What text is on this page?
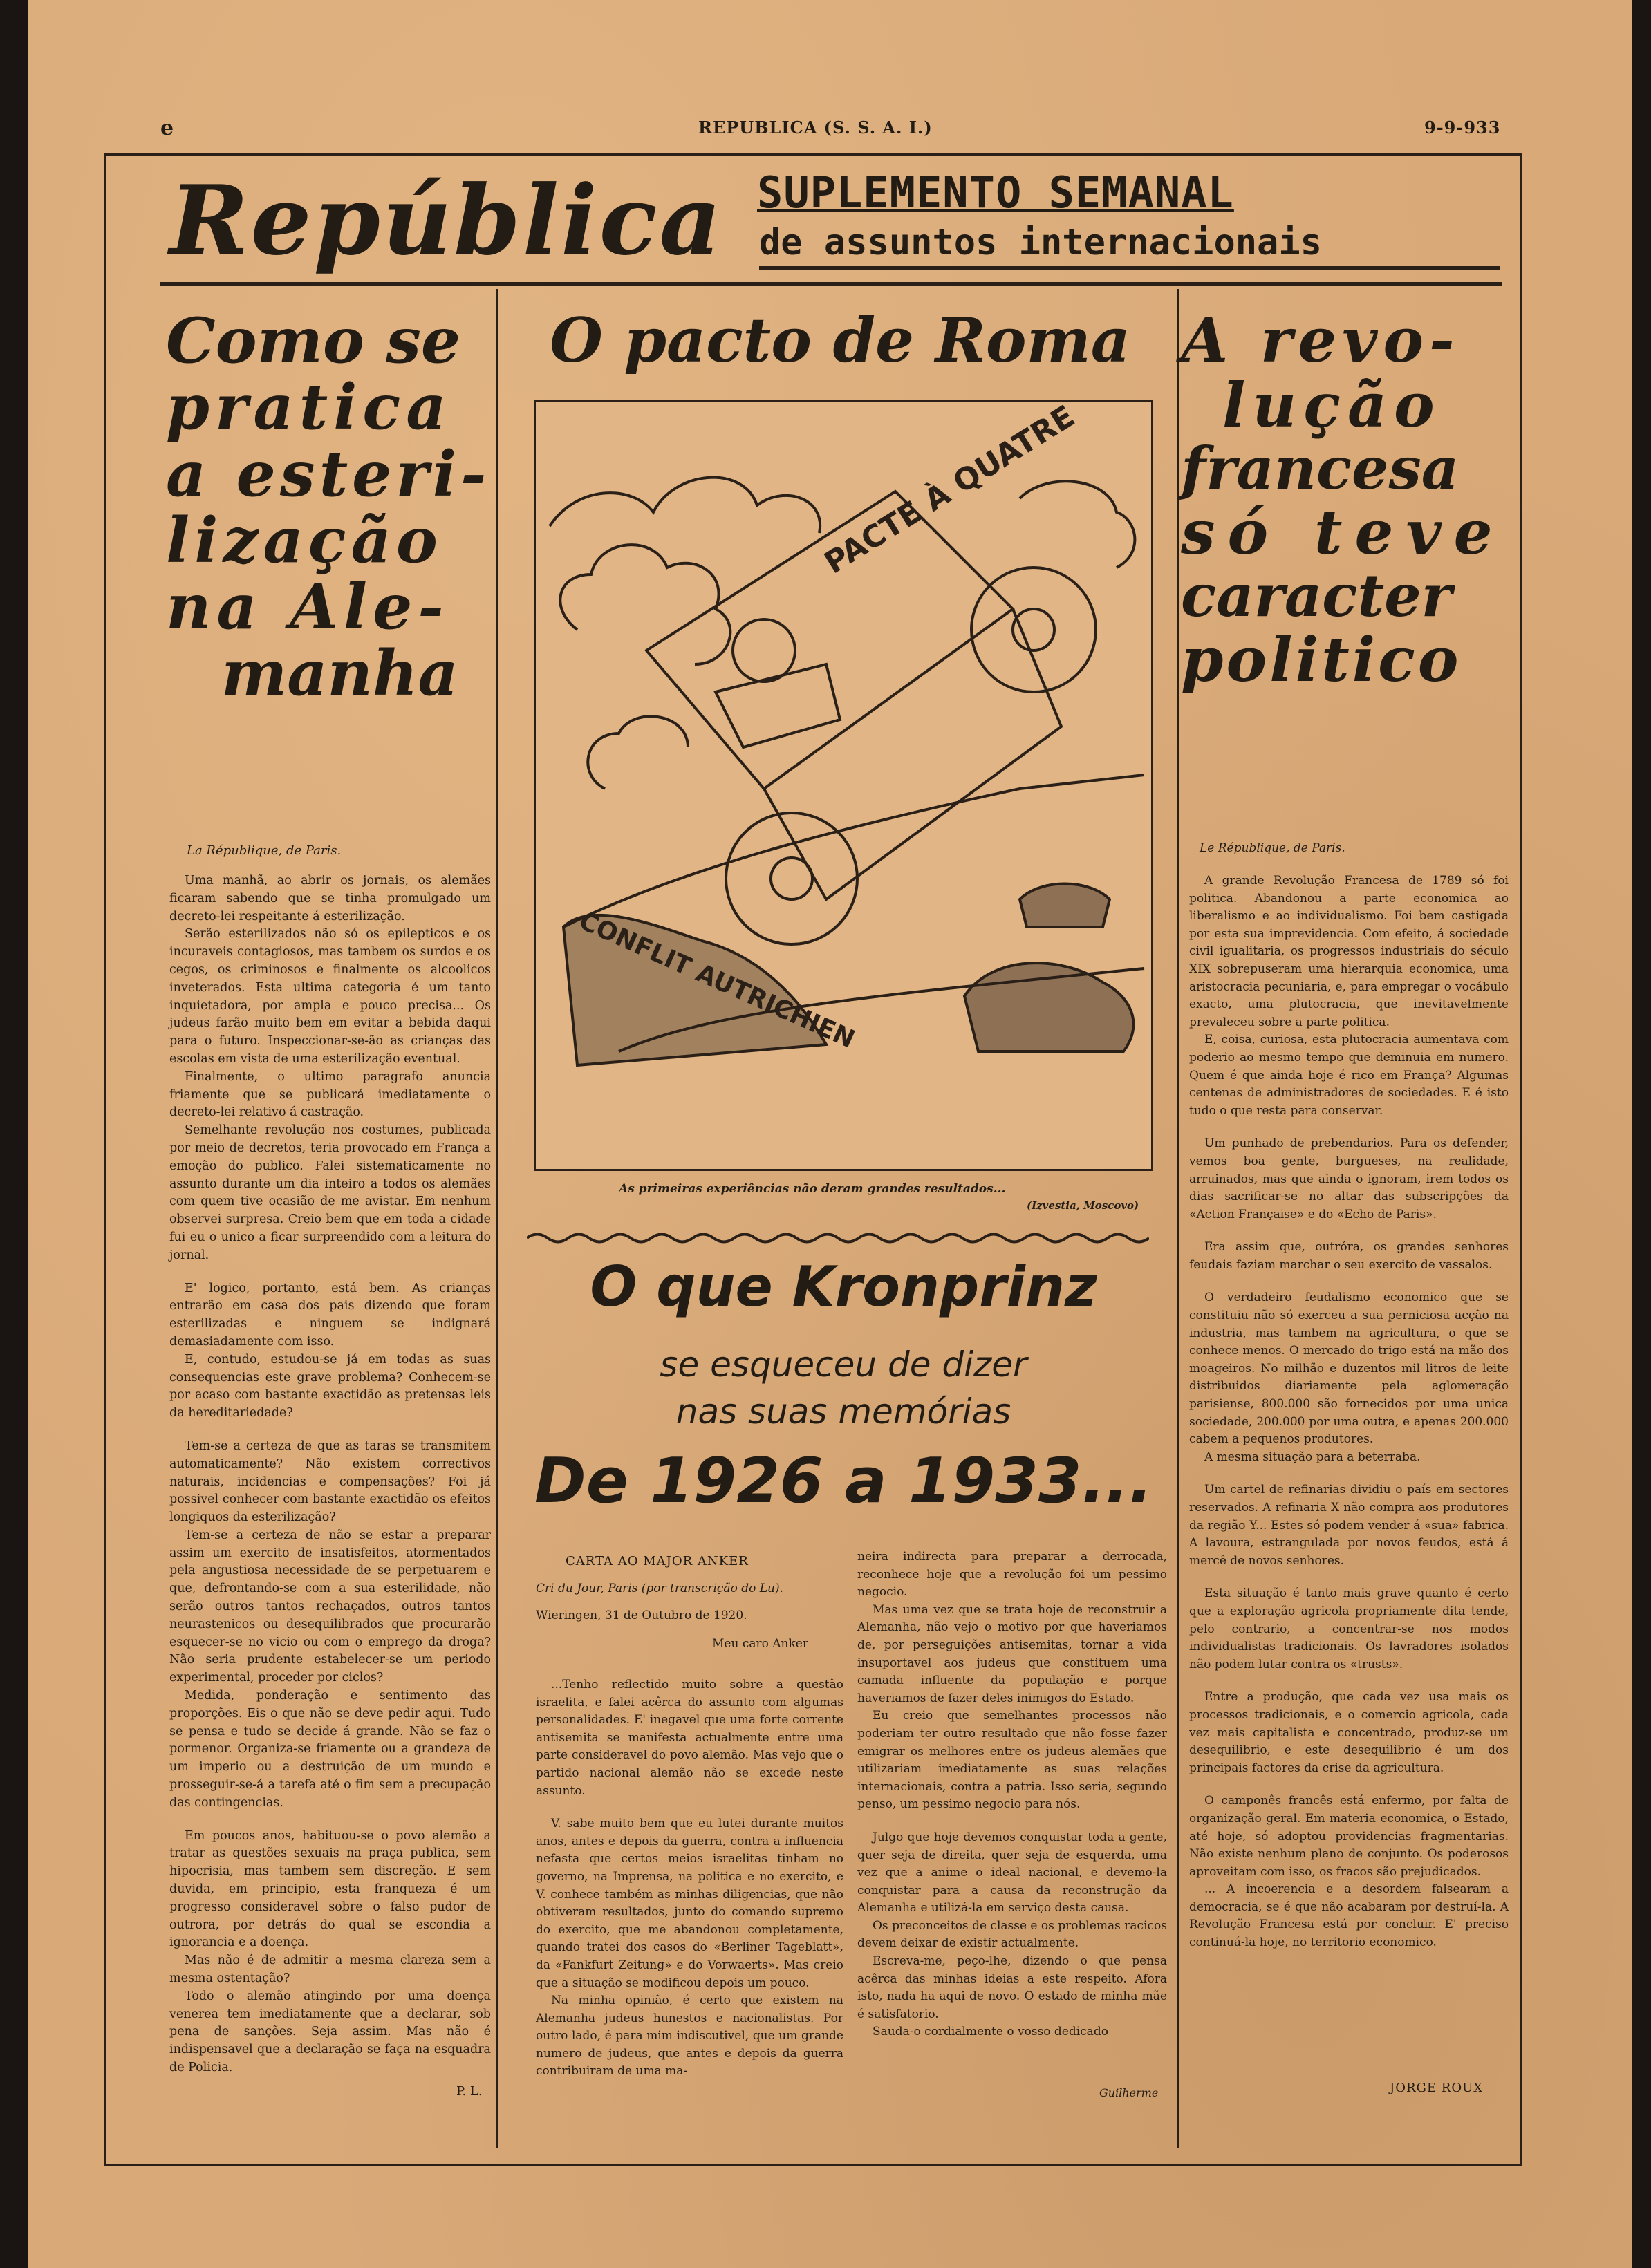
e	REPUBLICA (S. S. A. I.)	9-9-933
República SUPLEMENTO SEMANAL
de assuntos internacionais
Como se
pratica
a esteri-
lização
na Ale-
manha
La République, de Paris.

Uma manhã, ao abrir os jornais, os alemães ficaram sabendo que se tinha promulgado um decreto-lei respeitante á esterilização.

Serão esterilizados não só os epilepticos e os incuraveis contagiosos, mas tambem os surdos e os cegos, os criminosos e finalmente os alcoolicos inveterados. Esta ultima categoria é um tanto inquietadora, por ampla e pouco precisa... Os judeus farão muito bem em evitar a bebida daqui para o futuro. Inspeccionar-se-ão as crianças das escolas em vista de uma esterilização eventual.

Finalmente, o ultimo paragrafo anuncia friamente que se publicará imediatamente o decreto-lei relativo á castração.

Semelhante revolução nos costumes, publicada por meio de decretos, teria provocado em França a emoção do publico. Falei sistematicamente no assunto durante um dia inteiro a todos os alemães com quem tive ocasião de me avistar. Em nenhum observei surpresa. Creio bem que em toda a cidade fui eu o unico a ficar surpreendido com a leitura do jornal.

E' logico, portanto, está bem. As crianças entrarão em casa dos pais dizendo que foram esterilizadas e ninguem se indignará demasiadamente com isso.

E, contudo, estudou-se já em todas as suas consequencias este grave problema? Conhecem-se por acaso com bastante exactidão as pretensas leis da hereditariedade?

Tem-se a certeza de que as taras se transmitem automaticamente? Não existem correctivos naturais, incidencias e compensações? Foi já possivel conhecer com bastante exactidão os efeitos longiquos da esterilização?

Tem-se a certeza de não se estar a preparar assim um exercito de insatisfeitos, atormentados pela angustiosa necessidade de se perpetuarem e que, defrontando-se com a sua esterilidade, não serão outros tantos rechaçados, outros tantos neurastenicos ou desequilibrados que procurarão esquecer-se no vicio ou com o emprego da droga? Não seria prudente estabelecer-se um periodo experimental, proceder por ciclos?

Medida, ponderação e sentimento das proporções. Eis o que não se deve pedir aqui. Tudo se pensa e tudo se decide á grande. Não se faz o pormenor. Organiza-se friamente ou a grandeza de um imperio ou a destruição de um mundo e prosseguir-se-á a tarefa até o fim sem a precupação das contingencias.

Em poucos anos, habituou-se o povo alemão a tratar as questões sexuais na praça publica, sem hipocrisia, mas tambem sem discreção. E sem duvida, em principio, esta franqueza é um progresso consideravel sobre o falso pudor de outrora, por detrás do qual se escondia a ignorancia e a doença.

Mas não é de admitir a mesma clareza sem a mesma ostentação?

Todo o alemão atingindo por uma doença venerea tem imediatamente que a declarar, sob pena de sanções. Seja assim. Mas não é indispensavel que a declaração se faça na esquadra de Policia.

P. L.
O pacto de Roma
PACTE À QUATRE
CONFLIT AUTRICHIEN
As primeiras experiências não deram grandes resultados...
(Izvestia, Moscovo)
O que Kronprinz
se esqueceu de dizer
nas suas memórias
De 1926 a 1933...
CARTA AO MAJOR ANKER
Cri du Jour, Paris (por transcrição do Lu).
Wieringen, 31 de Outubro de 1920.
Meu caro Anker

...Tenho reflectido muito sobre a questão israelita, e falei acêrca do assunto com algumas personalidades. E' inegavel que uma forte corrente antisemita se manifesta actualmente entre uma parte consideravel do povo alemão. Mas vejo que o partido nacional alemão não se excede neste assunto.

V. sabe muito bem que eu lutei durante muitos anos, antes e depois da guerra, contra a influencia nefasta que certos meios israelitas tinham no governo, na Imprensa, na politica e no exercito, e V. conhece também as minhas diligencias, que não obtiveram resultados, junto do comando supremo do exercito, que me abandonou completamente, quando tratei dos casos do «Berliner Tageblatt», da «Fankfurt Zeitung» e do Vorwaerts». Mas creio que a situação se modificou depois um pouco.

Na minha opinião, é certo que existem na Alemanha judeus hunestos e nacionalistas. Por outro lado, é para mim indiscutivel, que um grande numero de judeus, que antes e depois da guerra contribuiram de uma ma-

neira indirecta para preparar a derrocada, reconhece hoje que a revolução foi um pessimo negocio.

Mas uma vez que se trata hoje de reconstruir a Alemanha, não vejo o motivo por que haveriamos de, por perseguições antisemitas, tornar a vida insuportavel aos judeus que constituem uma camada influente da população e porque haveriamos de fazer deles inimigos do Estado.

Eu creio que semelhantes processos não poderiam ter outro resultado que não fosse fazer emigrar os melhores entre os judeus alemães que utilizariam imediatamente as suas relações internacionais, contra a patria. Isso seria, segundo penso, um pessimo negocio para nós.

Julgo que hoje devemos conquistar toda a gente, quer seja de direita, quer seja de esquerda, uma vez que a anime o ideal nacional, e devemo-la conquistar para a causa da reconstrução da Alemanha e utilizá-la em serviço desta causa.

Os preconceitos de classe e os problemas racicos devem deixar de existir actualmente.

Escreva-me, peço-lhe, dizendo o que pensa acêrca das minhas ideias a este respeito. Afora isto, nada ha aqui de novo. O estado de minha mãe é satisfatorio.

Sauda-o cordialmente o vosso dedicado

Guilherme
A revo-
lução
francesa
só teve
caracter
politico
Le République, de Paris.

A grande Revolução Francesa de 1789 só foi politica. Abandonou a parte economica ao liberalismo e ao individualismo. Foi bem castigada por esta sua imprevidencia. Com efeito, á sociedade civil igualitaria, os progressos industriais do século XIX sobrepuseram uma hierarquia economica, uma aristocracia pecuniaria, e, para empregar o vocábulo exacto, uma plutocracia, que inevitavelmente prevaleceu sobre a parte politica.

E, coisa, curiosa, esta plutocracia aumentava com poderio ao mesmo tempo que deminuia em numero. Quem é que ainda hoje é rico em França? Algumas centenas de administradores de sociedades. E é isto tudo o que resta para conservar.

Um punhado de prebendarios. Para os defender, vemos boa gente, burgueses, na realidade, arruinados, mas que ainda o ignoram, irem todos os dias sacrificar-se no altar das subscripções da «Action Française» e do «Echo de Paris».

Era assim que, outróra, os grandes senhores feudais faziam marchar o seu exercito de vassalos.

O verdadeiro feudalismo economico que se constituiu não só exerceu a sua perniciosa acção na industria, mas tambem na agricultura, o que se conhece menos. O mercado do trigo está na mão dos moageiros. No milhão e duzentos mil litros de leite distribuidos diariamente pela aglomeração parisiense, 800.000 são fornecidos por uma unica sociedade, 200.000 por uma outra, e apenas 200.000 cabem a pequenos produtores.

A mesma situação para a beterraba.

Um cartel de refinarias dividiu o país em sectores reservados. A refinaria X não compra aos produtores da região Y... Estes só podem vender á «sua» fabrica. A lavoura, estrangulada por novos feudos, está á mercê de novos senhores.

Esta situação é tanto mais grave quanto é certo que a exploração agricola propriamente dita tende, pelo contrario, a concentrar-se nos modos individualistas tradicionais. Os lavradores isolados não podem lutar contra os «trusts».

Entre a produção, que cada vez usa mais os processos tradicionais, e o comercio agricola, cada vez mais capitalista e concentrado, produz-se um desequilibrio, e este desequilibrio é um dos principais factores da crise da agricultura.

O camponês francês está enfermo, por falta de organização geral. Em materia economica, o Estado, até hoje, só adoptou providencias fragmentarias. Não existe nenhum plano de conjunto. Os poderosos aproveitam com isso, os fracos são prejudicados.

... A incoerencia e a desordem falsearam a democracia, se é que não acabaram por destruí-la. A Revolução Francesa está por concluir. E' preciso continuá-la hoje, no territorio economico.

JORGE ROUX
